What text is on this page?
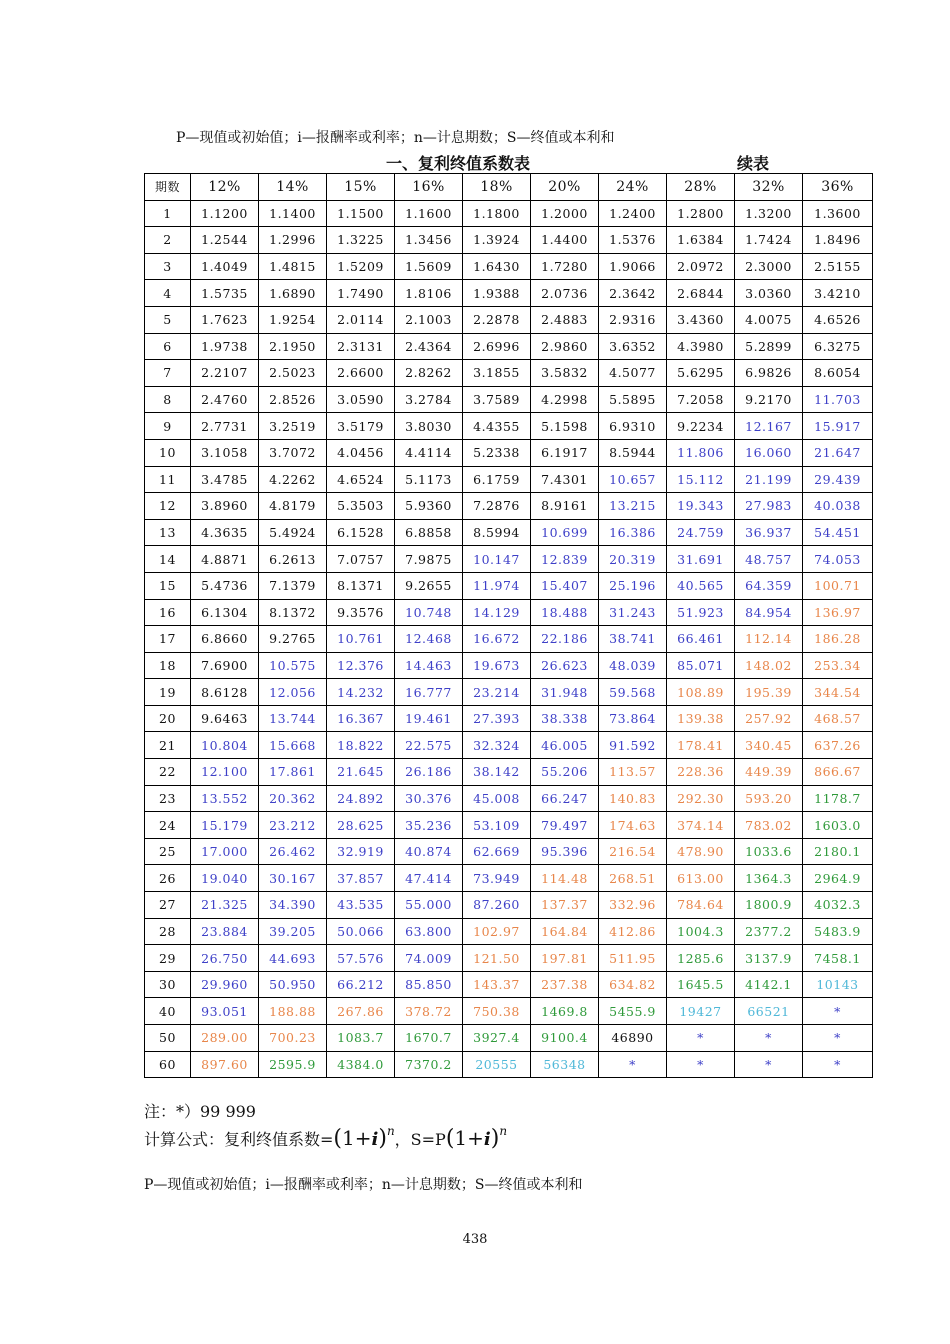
P—现值或初始值；i—报酬率或利率；n—计息期数；S—终值或本利和
一、复利终值系数表	续表
期数	12%	14%	15%	16%	18%	20%	24%	28%	32%	36%
1	1.1200	1.1400	1.1500	1.1600	1.1800	1.2000	1.2400	1.2800	1.3200	1.3600
2	1.2544	1.2996	1.3225	1.3456	1.3924	1.4400	1.5376	1.6384	1.7424	1.8496
3	1.4049	1.4815	1.5209	1.5609	1.6430	1.7280	1.9066	2.0972	2.3000	2.5155
4	1.5735	1.6890	1.7490	1.8106	1.9388	2.0736	2.3642	2.6844	3.0360	3.4210
5	1.7623	1.9254	2.0114	2.1003	2.2878	2.4883	2.9316	3.4360	4.0075	4.6526
6	1.9738	2.1950	2.3131	2.4364	2.6996	2.9860	3.6352	4.3980	5.2899	6.3275
7	2.2107	2.5023	2.6600	2.8262	3.1855	3.5832	4.5077	5.6295	6.9826	8.6054
8	2.4760	2.8526	3.0590	3.2784	3.7589	4.2998	5.5895	7.2058	9.2170	11.703
9	2.7731	3.2519	3.5179	3.8030	4.4355	5.1598	6.9310	9.2234	12.167	15.917
10	3.1058	3.7072	4.0456	4.4114	5.2338	6.1917	8.5944	11.806	16.060	21.647
11	3.4785	4.2262	4.6524	5.1173	6.1759	7.4301	10.657	15.112	21.199	29.439
12	3.8960	4.8179	5.3503	5.9360	7.2876	8.9161	13.215	19.343	27.983	40.038
13	4.3635	5.4924	6.1528	6.8858	8.5994	10.699	16.386	24.759	36.937	54.451
14	4.8871	6.2613	7.0757	7.9875	10.147	12.839	20.319	31.691	48.757	74.053
15	5.4736	7.1379	8.1371	9.2655	11.974	15.407	25.196	40.565	64.359	100.71
16	6.1304	8.1372	9.3576	10.748	14.129	18.488	31.243	51.923	84.954	136.97
17	6.8660	9.2765	10.761	12.468	16.672	22.186	38.741	66.461	112.14	186.28
18	7.6900	10.575	12.376	14.463	19.673	26.623	48.039	85.071	148.02	253.34
19	8.6128	12.056	14.232	16.777	23.214	31.948	59.568	108.89	195.39	344.54
20	9.6463	13.744	16.367	19.461	27.393	38.338	73.864	139.38	257.92	468.57
21	10.804	15.668	18.822	22.575	32.324	46.005	91.592	178.41	340.45	637.26
22	12.100	17.861	21.645	26.186	38.142	55.206	113.57	228.36	449.39	866.67
23	13.552	20.362	24.892	30.376	45.008	66.247	140.83	292.30	593.20	1178.7
24	15.179	23.212	28.625	35.236	53.109	79.497	174.63	374.14	783.02	1603.0
25	17.000	26.462	32.919	40.874	62.669	95.396	216.54	478.90	1033.6	2180.1
26	19.040	30.167	37.857	47.414	73.949	114.48	268.51	613.00	1364.3	2964.9
27	21.325	34.390	43.535	55.000	87.260	137.37	332.96	784.64	1800.9	4032.3
28	23.884	39.205	50.066	63.800	102.97	164.84	412.86	1004.3	2377.2	5483.9
29	26.750	44.693	57.576	74.009	121.50	197.81	511.95	1285.6	3137.9	7458.1
30	29.960	50.950	66.212	85.850	143.37	237.38	634.82	1645.5	4142.1	10143
40	93.051	188.88	267.86	378.72	750.38	1469.8	5455.9	19427	66521	*
50	289.00	700.23	1083.7	1670.7	3927.4	9100.4	46890	*	*	*
60	897.60	2595.9	4384.0	7370.2	20555	56348	*	*	*	*
注：*）99 999
计算公式：复利终值系数$=(1+i)^n$，$S=P(1+i)^n$
P—现值或初始值；i—报酬率或利率；n—计息期数；S—终值或本利和
438
